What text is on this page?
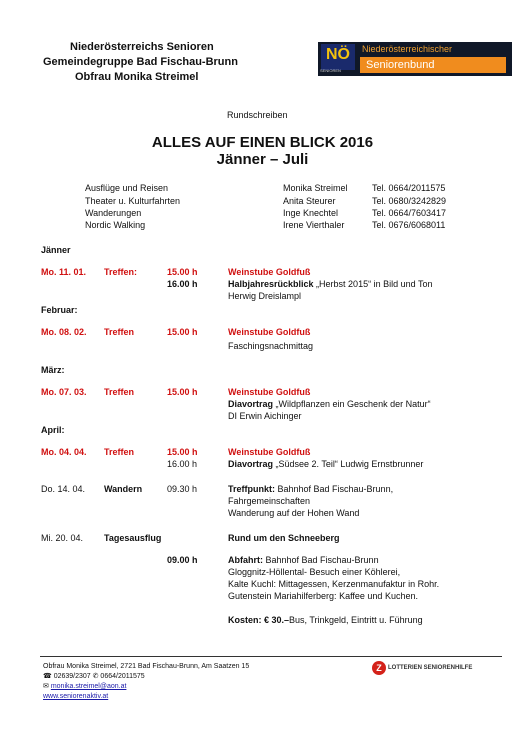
Niederösterreichs Senioren
Gemeindegruppe Bad Fischau-Brunn
Obfrau Monika Streimel
NÖ
SENIOREN
Niederösterreichischer
Seniorenbund
Rundschreiben
ALLES AUF EINEN BLICK 2016
Jänner – Juli
Ausflüge und Reisen	Monika Streimel	Tel. 0664/2011575
Theater u. Kulturfahrten	Anita Steurer	Tel. 0680/3242829
Wanderungen	Inge Knechtel	Tel. 0664/7603417
Nordic Walking	Irene Vierthaler	Tel. 0676/6068011
Jänner
Mo. 11. 01. Treffen:	15.00 h	Weinstube Goldfuß
16.00 h	Halbjahresrückblick „Herbst 2015“ in Bild und Ton
Herwig Dreislampl
Februar:
Mo. 08. 02. Treffen	15.00 h	Weinstube Goldfuß
Faschingsnachmittag
März:
Mo. 07. 03. Treffen	15.00 h	Weinstube Goldfuß
Diavortrag „Wildpflanzen ein Geschenk der Natur“
DI Erwin Aichinger
April:
Mo. 04. 04. Treffen	15.00 h	Weinstube Goldfuß
16.00 h	Diavortrag „Südsee 2. Teil“ Ludwig Ernstbrunner
Do. 14. 04. Wandern	09.30 h	Treffpunkt: Bahnhof Bad Fischau-Brunn,
Fahrgemeinschaften
Wanderung auf der Hohen Wand
Mi. 20. 04. Tagesausflug	Rund um den Schneeberg
09.00 h	Abfahrt: Bahnhof Bad Fischau-Brunn
Gloggnitz-Höllental- Besuch einer Köhlerei,
Kalte Kuchl: Mittagessen, Kerzenmanufaktur in Rohr.
Gutenstein Mariahilferberg: Kaffee und Kuchen.
Kosten: € 30.–Bus, Trinkgeld, Eintritt u. Führung
Obfrau Monika Streimel, 2721 Bad Fischau-Brunn, Am Saatzen 15
☎ 02639/2307 ✆ 0664/2011575
✉ monika.streimel@aon.at
www.seniorenaktiv.at
Z	LOTTERIEN SENIORENHILFE
